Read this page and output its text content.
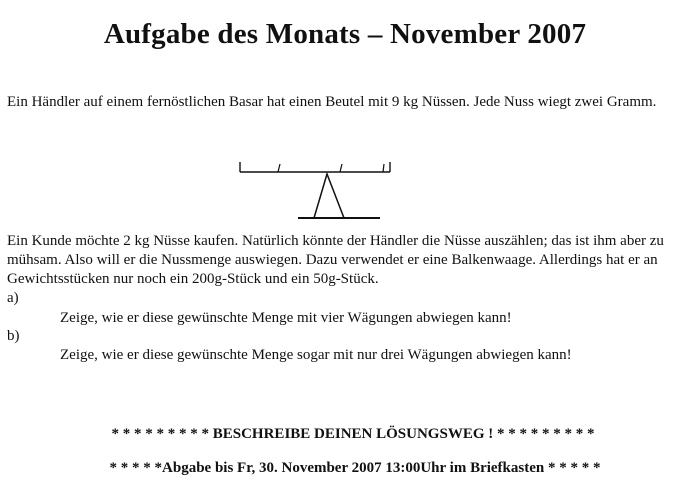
Aufgabe des Monats – November 2007
Ein Händler auf einem fernöstlichen Basar hat einen Beutel mit 9 kg Nüssen. Jede Nuss wiegt zwei Gramm.
Ein Kunde möchte 2 kg Nüsse kaufen. Natürlich könnte der Händler die Nüsse auszählen; das ist ihm aber zu mühsam. Also will er die Nussmenge auswiegen. Dazu verwendet er eine Balkenwaage. Allerdings hat er an Gewichtsstücken nur noch ein 200g-Stück und ein 50g-Stück.
a)
Zeige, wie er diese gewünschte Menge mit vier Wägungen abwiegen kann!
b)
Zeige, wie er diese gewünschte Menge sogar mit nur drei Wägungen abwiegen kann!
* * * * * * * * * BESCHREIBE DEINEN LÖSUNGSWEG ! * * * * * * * * *
* * * * *Abgabe bis Fr, 30. November 2007 13:00Uhr im Briefkasten * * * * *
